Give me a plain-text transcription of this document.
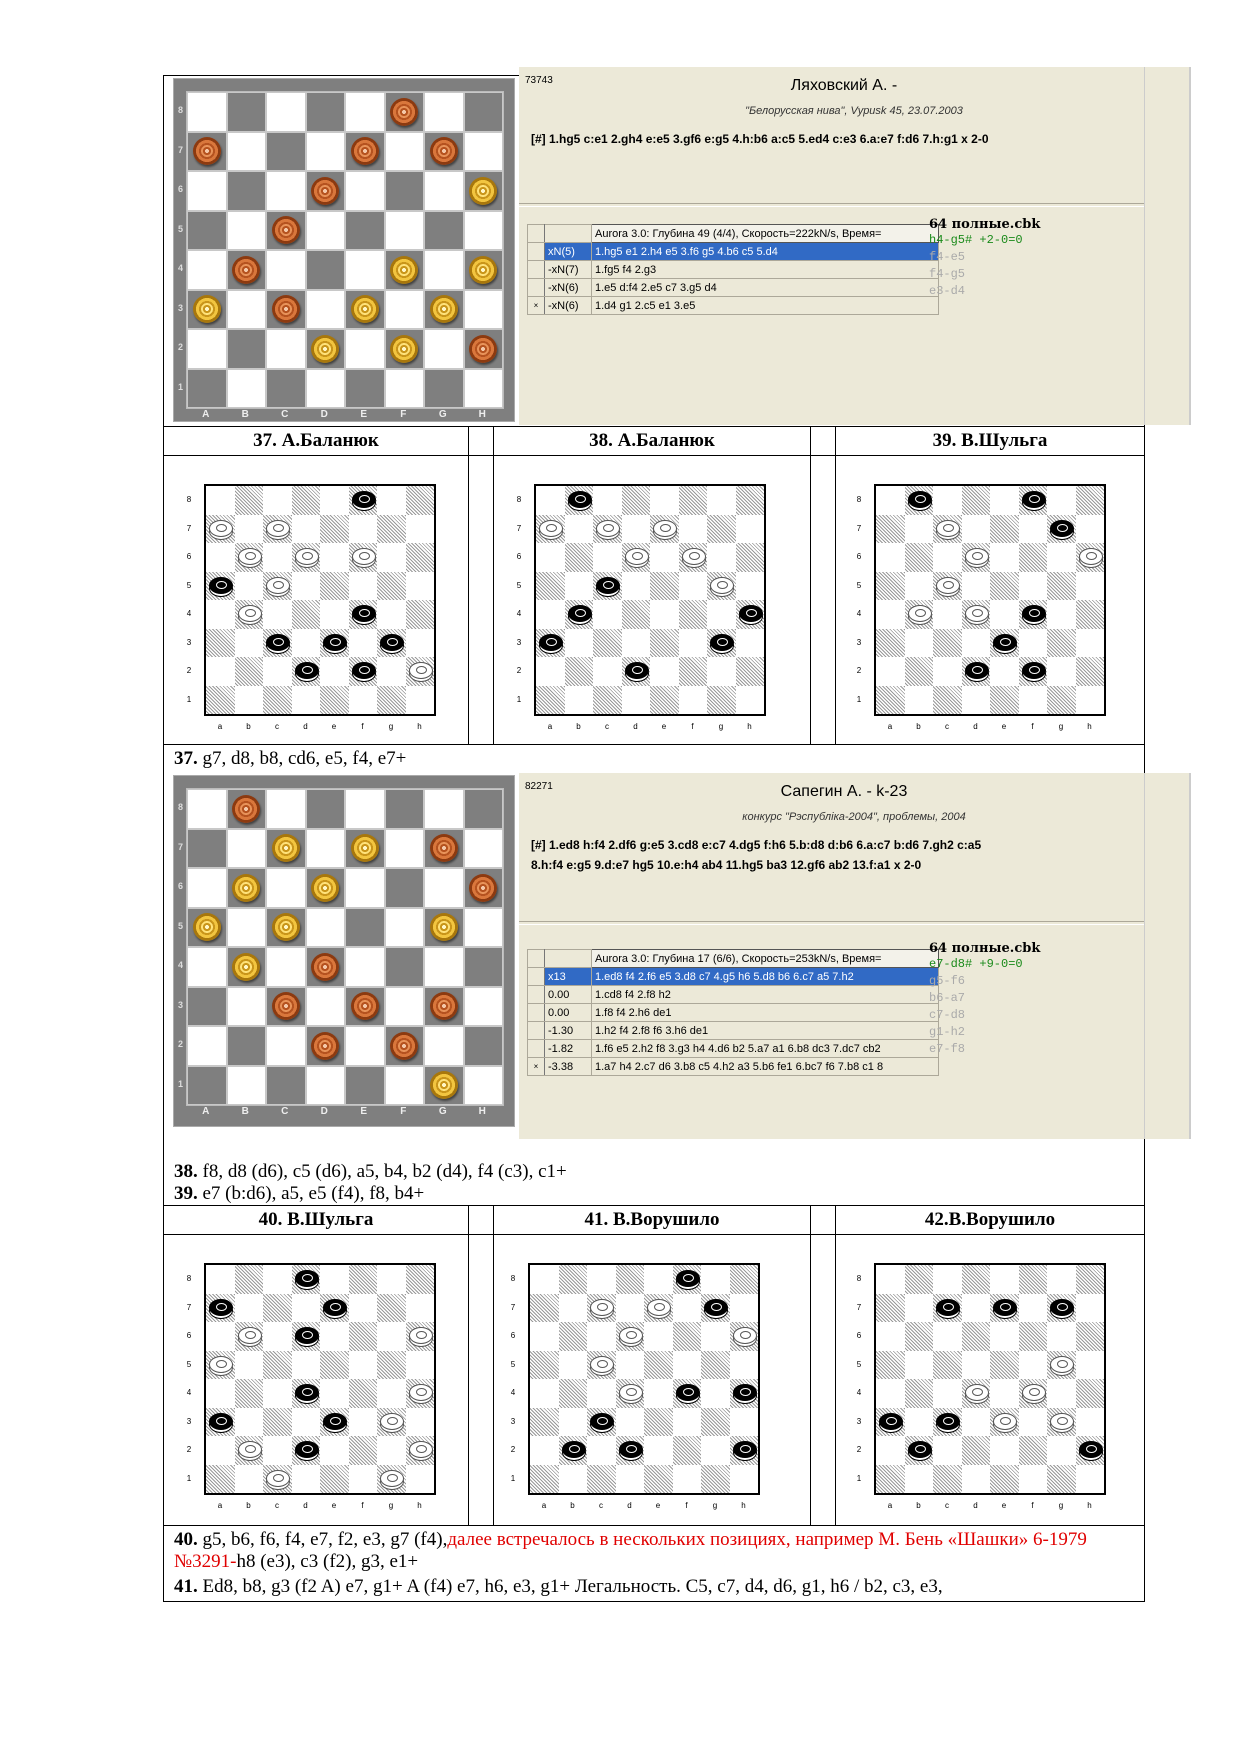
8
7
6
5
4
3
2
1
A	B	C	D	E	F	G	H
73743	Ляховский А. -
"Белорусская нива", Vypusk 45, 23.07.2003
[#] 1.hg5 c:e1 2.gh4 e:e5 3.gf6 e:g5 4.h:b6 a:c5 5.ed4 c:e3 6.a:e7 f:d6 7.h:g1 x 2-0
		Aurora 3.0: Глубина 49 (4/4), Скорость=222kN/s, Время=
	xN(5)	1.hg5 e1 2.h4 e5 3.f6 g5 4.b6 c5 5.d4
	-xN(7)	1.fg5 f4 2.g3
	-xN(6)	1.e5 d:f4 2.e5 c7 3.g5 d4
×	-xN(6)	1.d4 g1 2.c5 e1 3.e5
64 полные.cbk
h4-g5# +2-0=0
f4-e5
f4-g5
e3-d4
37. А.Баланюк	38. А.Баланюк	39. В.Шульга
8
7
6
5
4
3
2
1
a	b	c	d	e	f	g	h
8
7
6
5
4
3
2
1
a	b	c	d	e	f	g	h
8
7
6
5
4
3
2
1
a	b	c	d	e	f	g	h
37. g7, d8, b8, cd6, e5, f4, e7+
8
7
6
5
4
3
2
1
A	B	C	D	E	F	G	H
82271	Сапегин А. - k-23
конкурс "Рэспубліка-2004", проблемы, 2004
[#] 1.ed8 h:f4 2.df6 g:e5 3.cd8 e:c7 4.dg5 f:h6 5.b:d8 d:b6 6.a:c7 b:d6 7.gh2 c:a5
8.h:f4 e:g5 9.d:e7 hg5 10.e:h4 ab4 11.hg5 ba3 12.gf6 ab2 13.f:a1 x 2-0
		Aurora 3.0: Глубина 17 (6/6), Скорость=253kN/s, Время=
	x13	1.ed8 f4 2.f6 e5 3.d8 c7 4.g5 h6 5.d8 b6 6.c7 a5 7.h2
	0.00	1.cd8 f4 2.f8 h2
	0.00	1.f8 f4 2.h6 de1
	-1.30	1.h2 f4 2.f8 f6 3.h6 de1
	-1.82	1.f6 e5 2.h2 f8 3.g3 h4 4.d6 b2 5.a7 a1 6.b8 dc3 7.dc7 cb2
×	-3.38	1.a7 h4 2.c7 d6 3.b8 c5 4.h2 a3 5.b6 fe1 6.bc7 f6 7.b8 c1 8
64 полные.cbk
e7-d8# +9-0=0
g5-f6
b6-a7
c7-d8
g1-h2
e7-f8
38. f8, d8 (d6), c5 (d6), a5, b4, b2 (d4), f4 (c3), c1+
39. e7 (b:d6), a5, e5 (f4), f8, b4+
40. В.Шульга	41. В.Ворушило	42.В.Ворушило
8
7
6
5
4
3
2
1
a	b	c	d	e	f	g	h
8
7
6
5
4
3
2
1
a	b	c	d	e	f	g	h
8
7
6
5
4
3
2
1
a	b	c	d	e	f	g	h
40. g5, b6, f6, f4, e7, f2, e3, g7 (f4),далее встречалось в нескольких позициях, например М. Бень «Шашки» 6-1979 №3291-h8 (e3), c3 (f2), g3, e1+
41. Ed8, b8, g3 (f2 A) e7, g1+ A (f4) e7, h6, e3, g1+ Легальность. C5, c7, d4, d6, g1, h6 / b2, c3, e3,
